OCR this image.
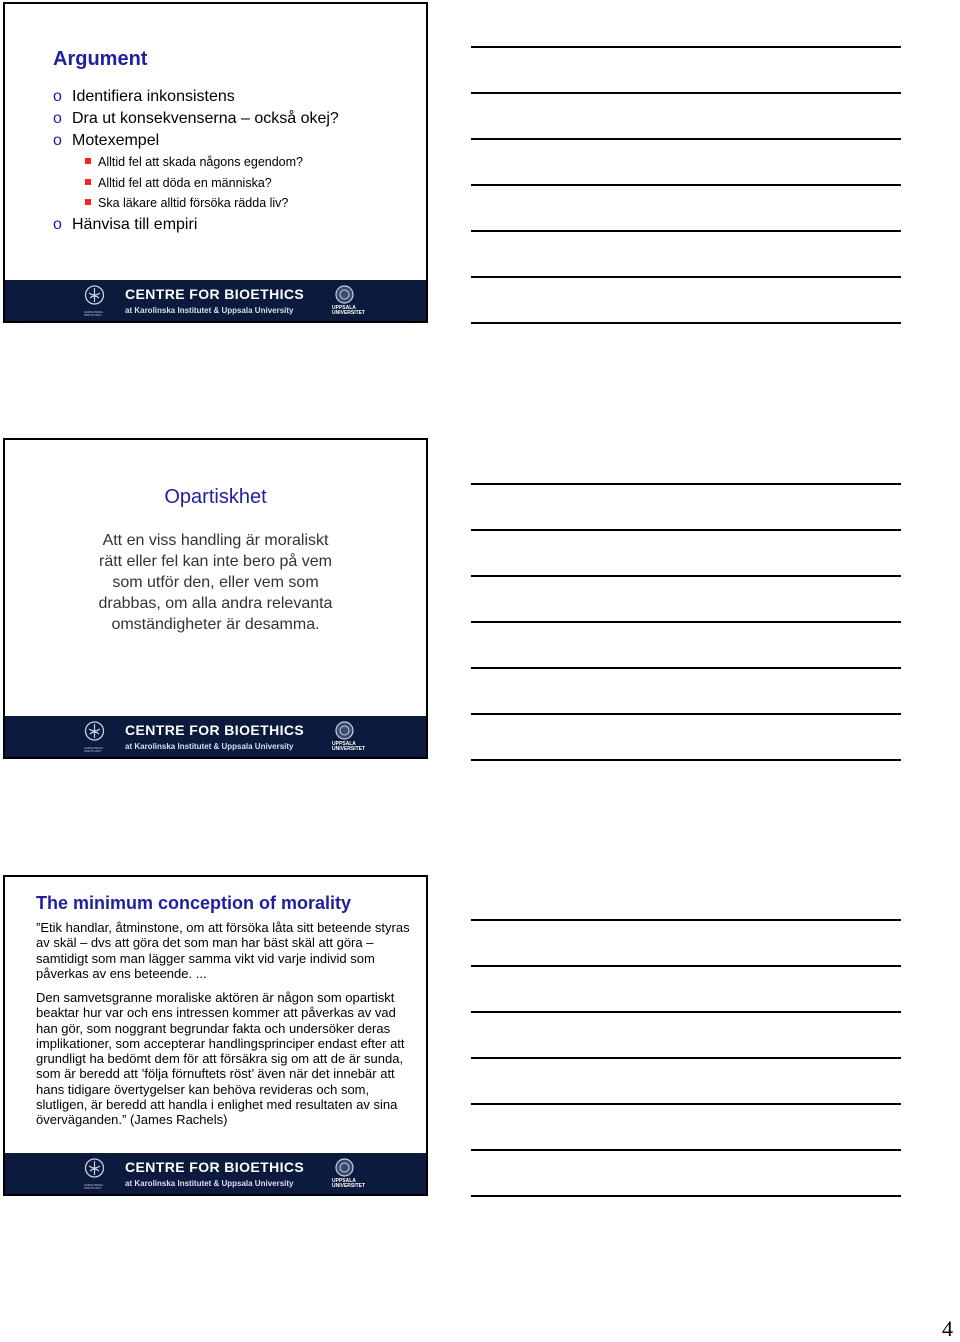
Argument
o Identifiera inkonsistens
o Dra ut konsekvenserna – också okej?
o Motexempel
Alltid fel att skada någons egendom?
Alltid fel att döda en människa?
Ska läkare alltid försöka rädda liv?
o Hänvisa till empiri
KAROLINSKA INSTITUTET
CENTRE FOR BIOETHICS
at Karolinska Institutet & Uppsala University	UPPSALA
UNIVERSITET
Opartiskhet
Att en viss handling är moraliskt
rätt eller fel kan inte bero på vem
som utför den, eller vem som
drabbas, om alla andra relevanta
omständigheter är desamma.
KAROLINSKA INSTITUTET
CENTRE FOR BIOETHICS
at Karolinska Institutet & Uppsala University	UPPSALA
UNIVERSITET
The minimum conception of morality

”Etik handlar, åtminstone, om att försöka låta sitt beteende styras av skäl – dvs att göra det som man har bäst skäl att göra – samtidigt som man lägger samma vikt vid varje individ som påverkas av ens beteende. ...

Den samvetsgranne moraliske aktören är någon som opartiskt beaktar hur var och ens intressen kommer att påverkas av vad han gör, som noggrant begrundar fakta och undersöker deras implikationer, som accepterar handlingsprinciper endast efter att grundligt ha bedömt dem för att försäkra sig om att de är sunda, som är beredd att ’följa förnuftets röst’ även när det innebär att hans tidigare övertygelser kan behöva revideras och som, slutligen, är beredd att handla i enlighet med resultaten av sina överväganden.” (James Rachels)

KAROLINSKA INSTITUTET
CENTRE FOR BIOETHICS
at Karolinska Institutet & Uppsala University	UPPSALA
UNIVERSITET
4
